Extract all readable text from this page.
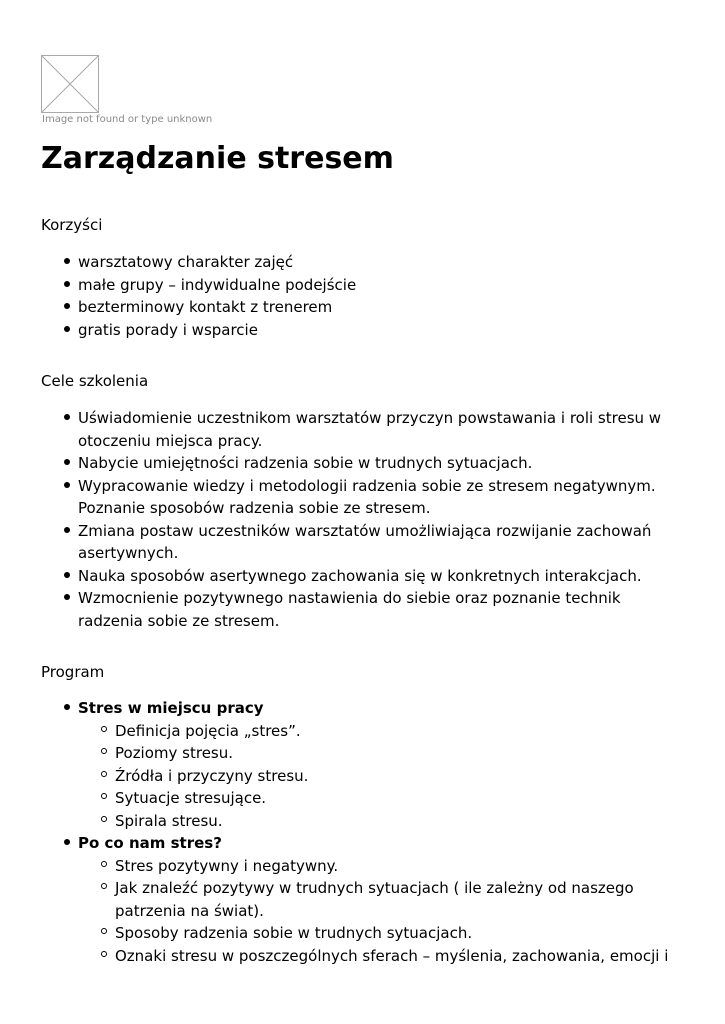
Image not found or type unknown
Zarządzanie stresem

Korzyści

warsztatowy charakter zajęć
małe grupy – indywidualne podejście
bezterminowy kontakt z trenerem
gratis porady i wsparcie

Cele szkolenia

Uświadomienie uczestnikom warsztatów przyczyn powstawania i roli stresu w otoczeniu miejsca pracy.
Nabycie umiejętności radzenia sobie w trudnych sytuacjach.
Wypracowanie wiedzy i metodologii radzenia sobie ze stresem negatywnym. Poznanie sposobów radzenia sobie ze stresem.
Zmiana postaw uczestników warsztatów umożliwiająca rozwijanie zachowań asertywnych.
Nauka sposobów asertywnego zachowania się w konkretnych interakcjach.
Wzmocnienie pozytywnego nastawienia do siebie oraz poznanie technik radzenia sobie ze stresem.

Program

Stres w miejscu pracy
Definicja pojęcia „stres”.
Poziomy stresu.
Źródła i przyczyny stresu.
Sytuacje stresujące.
Spirala stresu.
Po co nam stres?
Stres pozytywny i negatywny.
Jak znaleźć pozytywy w trudnych sytuacjach ( ile zależny od naszego patrzenia na świat).
Sposoby radzenia sobie w trudnych sytuacjach.
Oznaki stresu w poszczególnych sferach – myślenia, zachowania, emocji i
